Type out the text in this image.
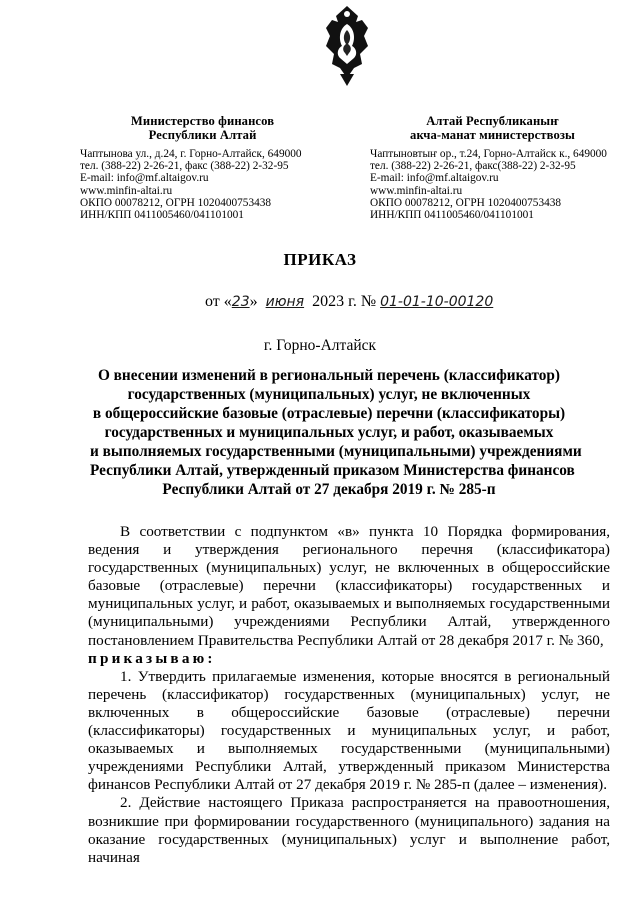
Министерство финансов
Республики Алтай
Чаптынова ул., д.24, г. Горно-Алтайск, 649000
тел. (388-22) 2-26-21, факс (388-22) 2-32-95
E-mail: info@mf.altaigov.ru
www.minfin-altai.ru
ОКПО 00078212, ОГРН 1020400753438
ИНН/КПП 0411005460/041101001
Алтай Республиканыҥ
акча-манат министерствозы
Чаптыновтыҥ ор., т.24, Горно-Алтайск к., 649000
тел. (388-22) 2-26-21, факс(388-22) 2-32-95
E-mail: info@mf.altaigov.ru
www.minfin-altai.ru
ОКПО 00078212, ОГРН 1020400753438
ИНН/КПП 0411005460/041101001
ПРИКАЗ
от «23» июня 2023 г. № 01-01-10-00120
г. Горно-Алтайск
О внесении изменений в региональный перечень (классификатор)
государственных (муниципальных) услуг, не включенных
в общероссийские базовые (отраслевые) перечни (классификаторы)
государственных и муниципальных услуг, и работ, оказываемых
и выполняемых государственными (муниципальными) учреждениями
Республики Алтай, утвержденный приказом Министерства финансов
Республики Алтай от 27 декабря 2019 г. № 285-п

В соответствии с подпунктом «в» пункта 10 Порядка формирования, ведения и утверждения регионального перечня (классификатора) государственных (муниципальных) услуг, не включенных в общероссийские базовые (отраслевые) перечни (классификаторы) государственных и муниципальных услуг, и работ, оказываемых и выполняемых государственными (муниципальными) учреждениями Республики Алтай, утвержденного постановлением Правительства Республики Алтай от 28 декабря 2017 г. № 360,

приказываю:

1. Утвердить прилагаемые изменения, которые вносятся в региональный перечень (классификатор) государственных (муниципальных) услуг, не включенных в общероссийские базовые (отраслевые) перечни (классификаторы) государственных и муниципальных услуг, и работ, оказываемых и выполняемых государственными (муниципальными) учреждениями Республики Алтай, утвержденный приказом Министерства финансов Республики Алтай от 27 декабря 2019 г. № 285-п (далее – изменения).

2. Действие настоящего Приказа распространяется на правоотношения, возникшие при формировании государственного (муниципального) задания на оказание государственных (муниципальных) услуг и выполнение работ, начиная
